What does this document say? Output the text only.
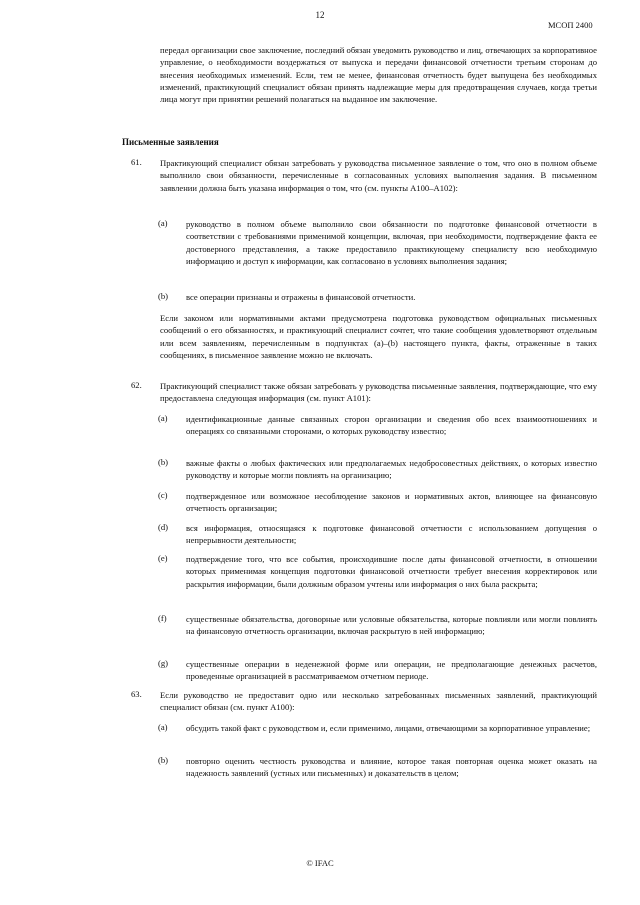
12
МСОП 2400
передал организации свое заключение, последний обязан уведомить руководство и лиц, отвечающих за корпоративное управление, о необходимости воздержаться от выпуска и передачи финансовой отчетности третьим сторонам до внесения необходимых изменений. Если, тем не менее, финансовая отчетность будет выпущена без необходимых изменений, практикующий специалист обязан принять надлежащие меры для предотвращения случаев, когда третьи лица могут при принятии решений полагаться на выданное им заключение.
Письменные заявления
61. Практикующий специалист обязан затребовать у руководства письменное заявление о том, что оно в полном объеме выполнило свои обязанности, перечисленные в согласованных условиях выполнения задания. В письменном заявлении должна быть указана информация о том, что (см. пункты А100–А102):
(a) руководство в полном объеме выполнило свои обязанности по подготовке финансовой отчетности в соответствии с требованиями применимой концепции, включая, при необходимости, подтверждение факта ее достоверного представления, а также предоставило практикующему специалисту всю необходимую информацию и доступ к информации, как согласовано в условиях выполнения задания;
(b) все операции признаны и отражены в финансовой отчетности.
Если законом или нормативными актами предусмотрена подготовка руководством официальных письменных сообщений о его обязанностях, и практикующий специалист сочтет, что такие сообщения удовлетворяют отдельным или всем заявлениям, перечисленным в подпунктах (а)–(b) настоящего пункта, факты, отраженные в таких сообщениях, в письменное заявление можно не включать.
62. Практикующий специалист также обязан затребовать у руководства письменные заявления, подтверждающие, что ему предоставлена следующая информация (см. пункт А101):
(a) идентификационные данные связанных сторон организации и сведения обо всех взаимоотношениях и операциях со связанными сторонами, о которых руководству известно;
(b) важные факты о любых фактических или предполагаемых недобросовестных действиях, о которых известно руководству и которые могли повлиять на организацию;
(c) подтвержденное или возможное несоблюдение законов и нормативных актов, влияющее на финансовую отчетность организации;
(d) вся информация, относящаяся к подготовке финансовой отчетности с использованием допущения о непрерывности деятельности;
(e) подтверждение того, что все события, происходившие после даты финансовой отчетности, в отношении которых применимая концепция подготовки финансовой отчетности требует внесения корректировок или раскрытия информации, были должным образом учтены или информация о них была раскрыта;
(f) существенные обязательства, договорные или условные обязательства, которые повлияли или могли повлиять на финансовую отчетность организации, включая раскрытую в ней информацию;
(g) существенные операции в неденежной форме или операции, не предполагающие денежных расчетов, проведенные организацией в рассматриваемом отчетном периоде.
63. Если руководство не предоставит одно или несколько затребованных письменных заявлений, практикующий специалист обязан (см. пункт А100):
(a) обсудить такой факт с руководством и, если применимо, лицами, отвечающими за корпоративное управление;
(b) повторно оценить честность руководства и влияние, которое такая повторная оценка может оказать на надежность заявлений (устных или письменных) и доказательств в целом;
© IFAC
